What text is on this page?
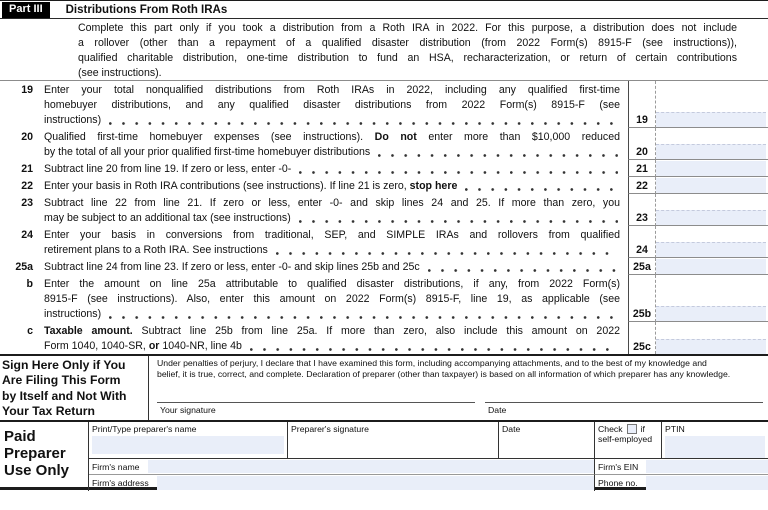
Part III	Distributions From Roth IRAs
Complete this part only if you took a distribution from a Roth IRA in 2022. For this purpose, a distribution does not include
a rollover (other than a repayment of a qualified disaster distribution (from 2022 Form(s) 8915-F (see instructions)),
qualified charitable distribution, one-time distribution to fund an HSA, recharacterization, or return of certain contributions
(see instructions).
19	Enter your total nonqualified distributions from Roth IRAs in 2022, including any qualified first-time
homebuyer distributions, and any qualified disaster distributions from 2022 Form(s) 8915-F (see
instructions)	19
20	Qualified first-time homebuyer expenses (see instructions). Do not enter more than $10,000 reduced
by the total of all your prior qualified first-time homebuyer distributions	20
21	Subtract line 20 from line 19. If zero or less, enter -0-	21
22	Enter your basis in Roth IRA contributions (see instructions). If line 21 is zero, stop here	22
23	Subtract line 22 from line 21. If zero or less, enter -0- and skip lines 24 and 25. If more than zero, you
may be subject to an additional tax (see instructions)	23
24	Enter your basis in conversions from traditional, SEP, and SIMPLE IRAs and rollovers from qualified
retirement plans to a Roth IRA. See instructions	24
25a	Subtract line 24 from line 23. If zero or less, enter -0- and skip lines 25b and 25c	25a
b	Enter the amount on line 25a attributable to qualified disaster distributions, if any, from 2022 Form(s)
8915-F (see instructions). Also, enter this amount on 2022 Form(s) 8915-F, line 19, as applicable (see
instructions)	25b
c	Taxable amount. Subtract line 25b from line 25a. If more than zero, also include this amount on 2022
Form 1040, 1040-SR, or 1040-NR, line 4b	25c
Sign Here Only if You
Are Filing This Form
by Itself and Not With
Your Tax Return
Under penalties of perjury, I declare that I have examined this form, including accompanying attachments, and to the best of my knowledge and
belief, it is true, correct, and complete. Declaration of preparer (other than taxpayer) is based on all information of which preparer has any knowledge.
Your signature	Date
Paid
Preparer
Use Only
Print/Type preparer's name	Preparer's signature	Date	Check if
self-employed
PTIN
Firm's name	Firm's EIN
Firm's address	Phone no.
